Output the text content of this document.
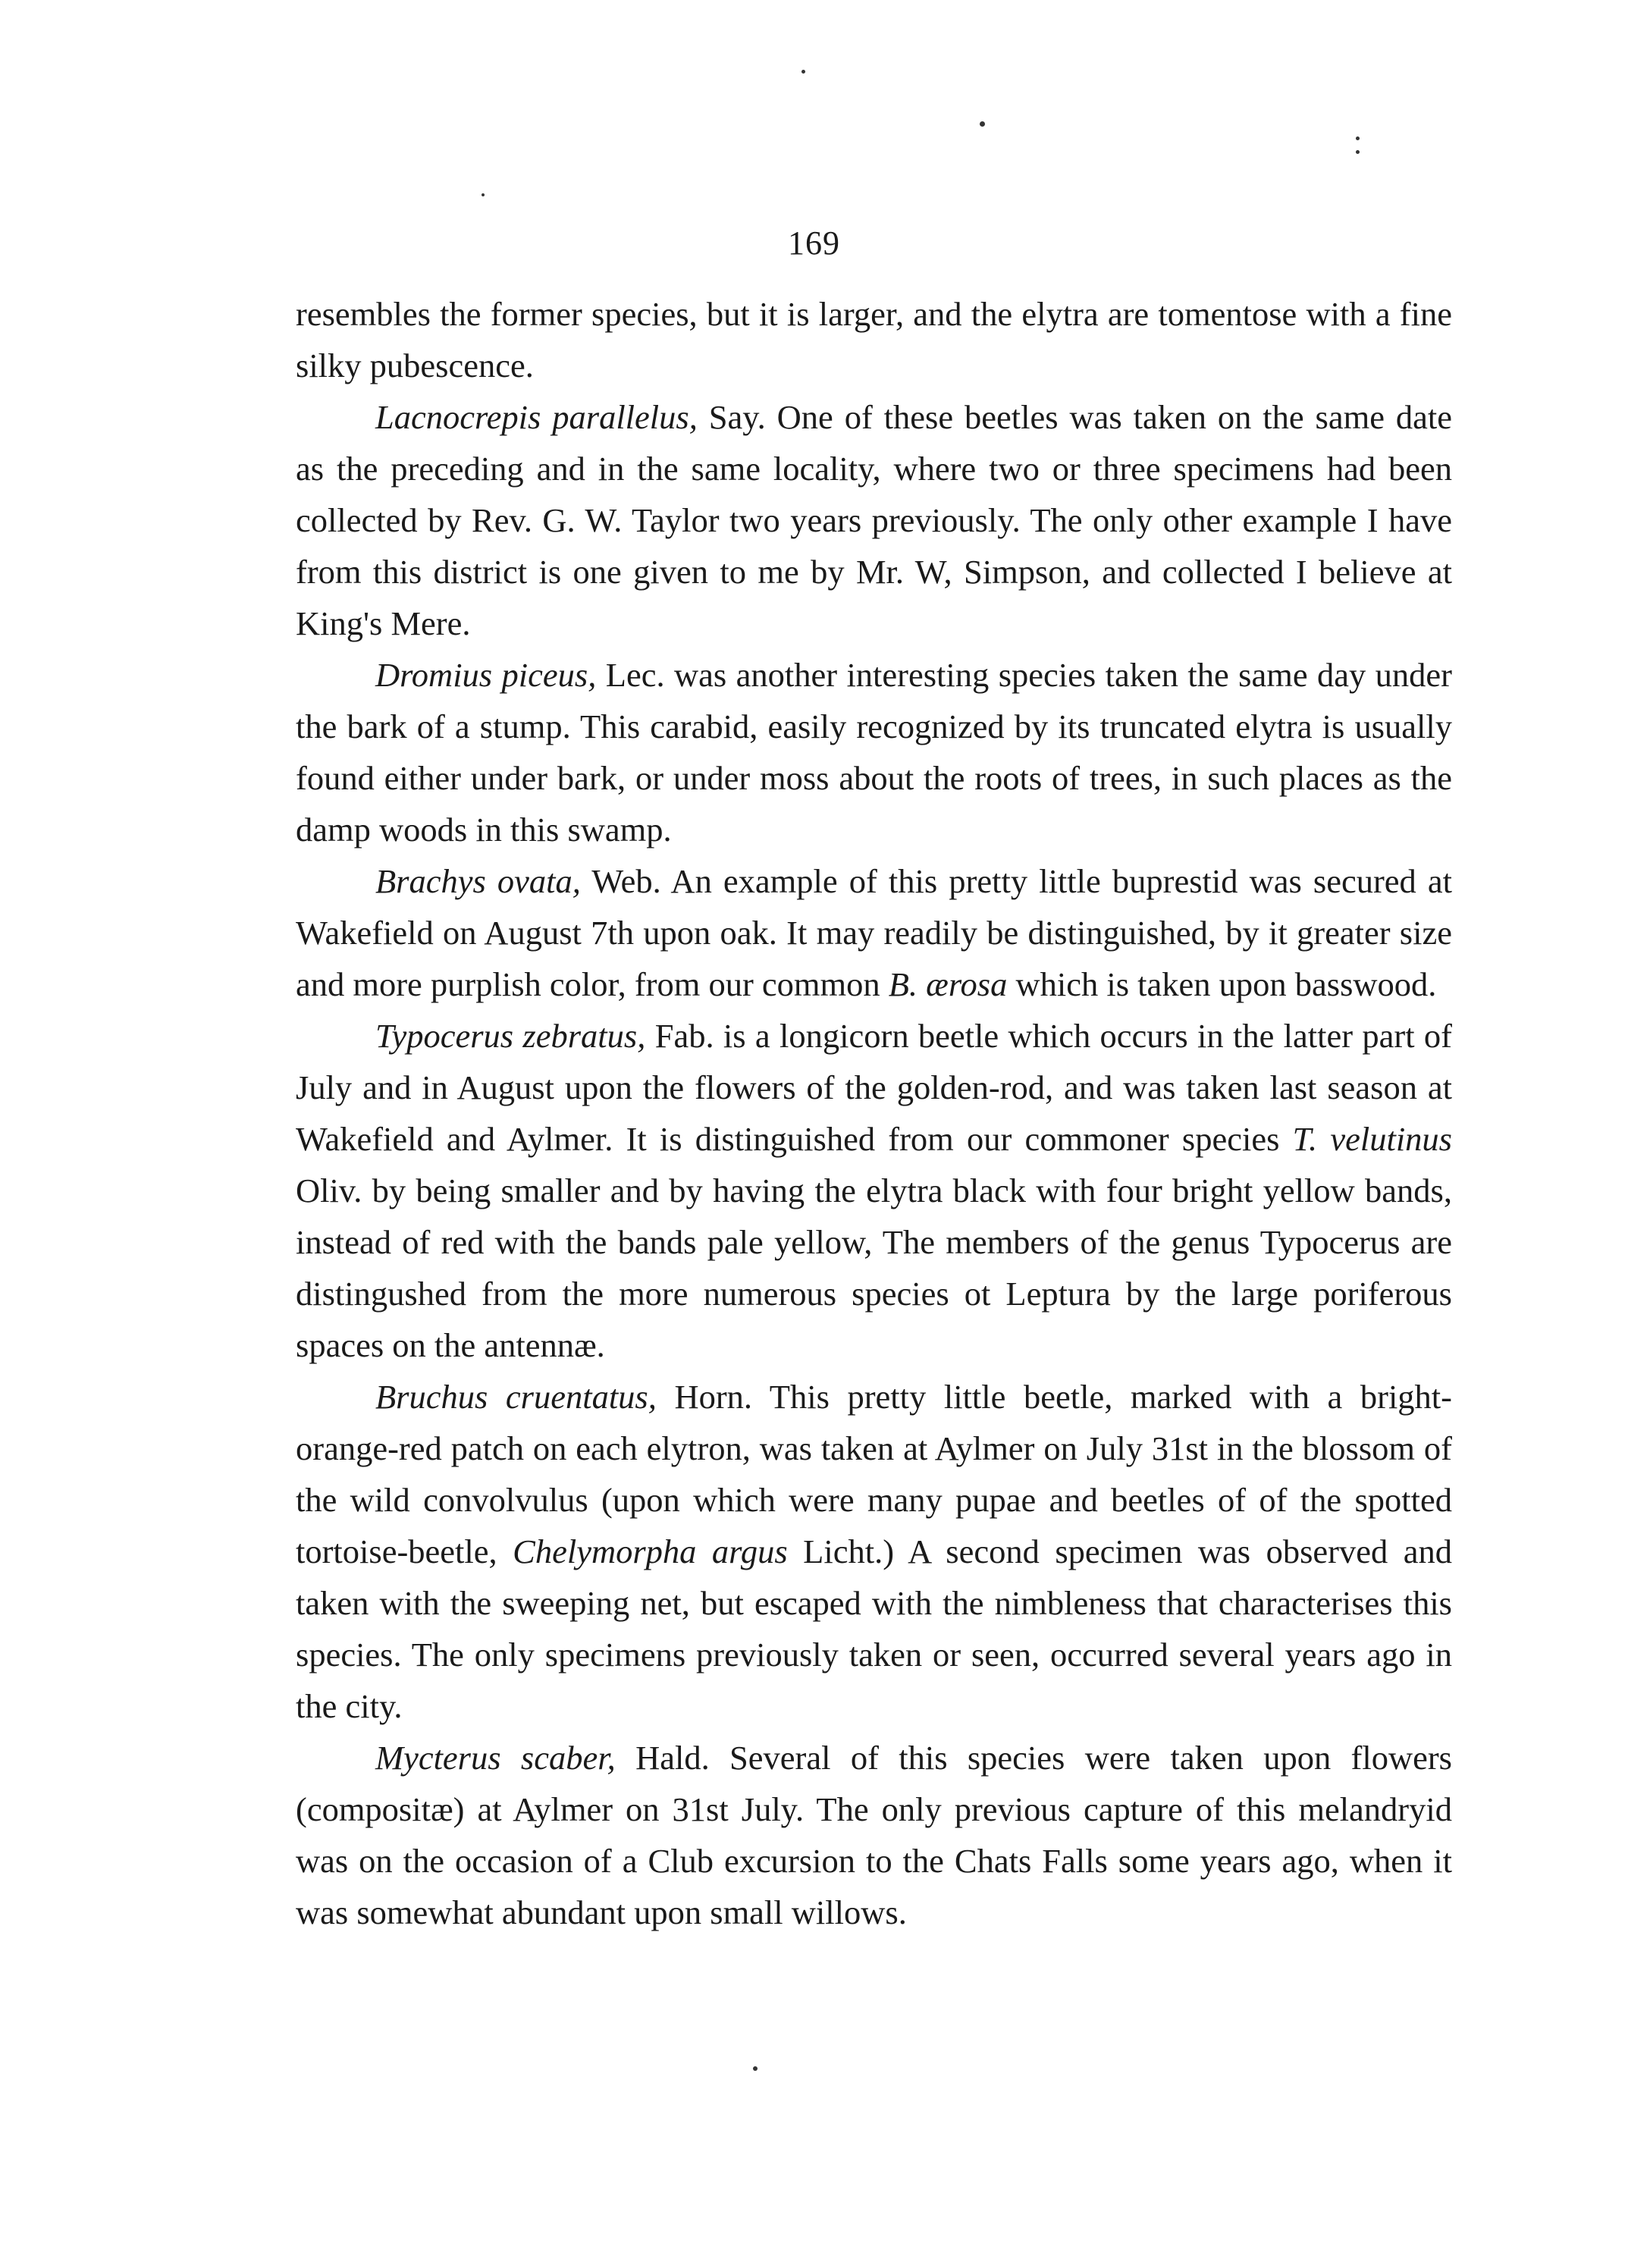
169

resembles the former species, but it is larger, and the elytra are tomentose with a fine silky pubescence.

Lacnocrepis parallelus, Say. One of these beetles was taken on the same date as the preceding and in the same locality, where two or three specimens had been collected by Rev. G. W. Taylor two years previously. The only other example I have from this district is one given to me by Mr. W, Simpson, and collected I believe at King's Mere.

Dromius piceus, Lec. was another interesting species taken the same day under the bark of a stump. This carabid, easily recognized by its truncated elytra is usually found either under bark, or under moss about the roots of trees, in such places as the damp woods in this swamp.

Brachys ovata, Web. An example of this pretty little buprestid was secured at Wakefield on August 7th upon oak. It may readily be distinguished, by it greater size and more purplish color, from our common B. ærosa which is taken upon basswood.

Typocerus zebratus, Fab. is a longicorn beetle which occurs in the latter part of July and in August upon the flowers of the golden-rod, and was taken last season at Wakefield and Aylmer. It is distinguished from our commoner species T. velutinus Oliv. by being smaller and by having the elytra black with four bright yellow bands, instead of red with the bands pale yellow, The members of the genus Typocerus are distingushed from the more numerous species ot Leptura by the large poriferous spaces on the antennæ.

Bruchus cruentatus, Horn. This pretty little beetle, marked with a bright-orange-red patch on each elytron, was taken at Aylmer on July 31st in the blossom of the wild convolvulus (upon which were many pupae and beetles of of the spotted tortoise-beetle, Chelymorpha argus Licht.) A second specimen was observed and taken with the sweeping net, but escaped with the nimbleness that characterises this species. The only specimens previously taken or seen, occurred several years ago in the city.

Mycterus scaber, Hald. Several of this species were taken upon flowers (compositæ) at Aylmer on 31st July. The only previous capture of this melandryid was on the occasion of a Club excursion to the Chats Falls some years ago, when it was somewhat abundant upon small willows.
